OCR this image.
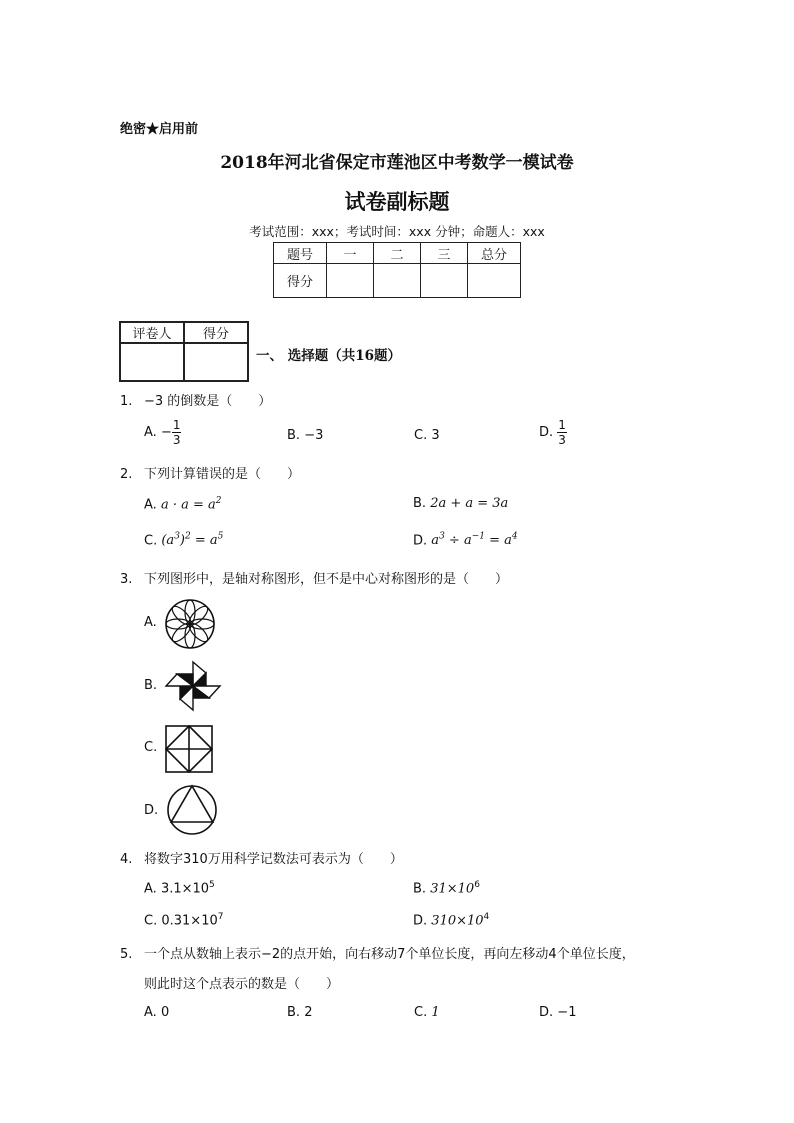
绝密★启用前
2018年河北省保定市莲池区中考数学一模试卷
试卷副标题
考试范围：xxx；考试时间：xxx 分钟；命题人：xxx
题号	一	二	三	总分
得分				
评卷人	得分

一、 选择题（共16题）
1. −3 的倒数是（　　）
A. − $\frac{1}{3}$	B. −3	C. 3	D. $\frac{1}{3}$
2. 下列计算错误的是（　　）
A. $a \cdot a = a^2$	B. 2a + a = 3a
C. $(a^3)^2 = a^5$	D. $a^3 \div a^{-1} = a^4$
3. 下列图形中，是轴对称图形，但不是中心对称图形的是（　　）
A.
B.
C.
D.
4. 将数字310万用科学记数法可表示为（　　）
A. $3.1\times 10^5$	B. $31\times 10^6$
C. $0.31\times 10^7$	D. $310\times 10^4$
5. 一个点从数轴上表示−2的点开始，向右移动7个单位长度，再向左移动4个单位长度，
则此时这个点表示的数是（　　）
A. 0	B. 2	C. 1	D. −1
